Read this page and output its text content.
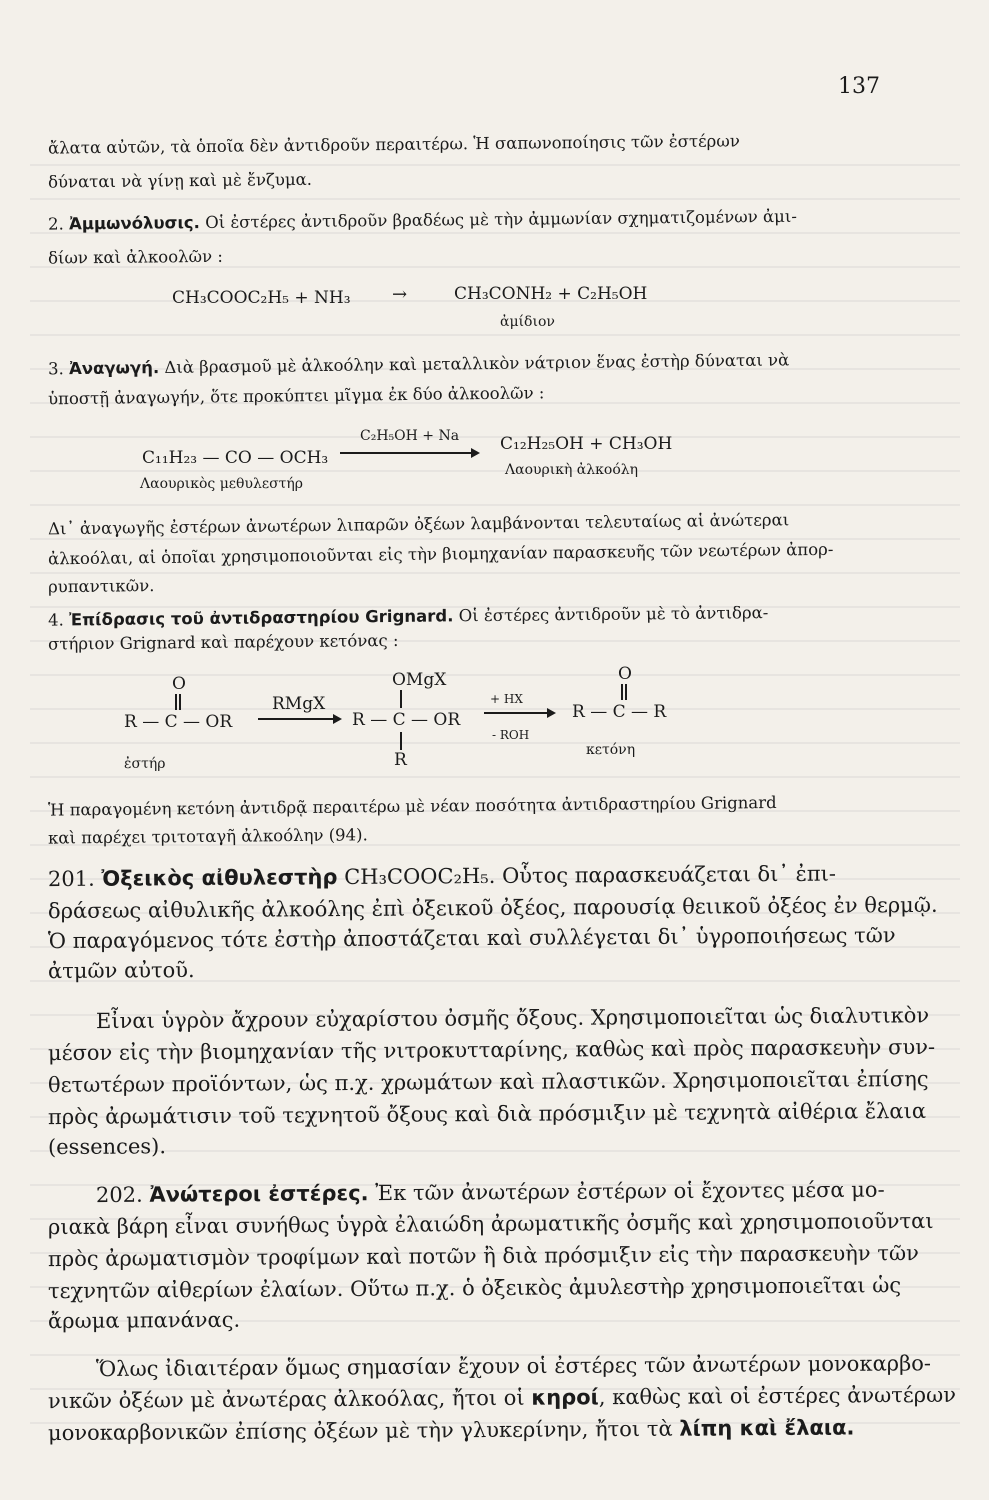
137
ἄλατα αὐτῶν, τὰ ὁποῖα δὲν ἀντιδροῦν περαιτέρω. Ἡ σαπωνοποίησις τῶν ἐστέρων
δύναται νὰ γίνῃ καὶ μὲ ἔνζυμα.
2. Ἀμμωνόλυσις. Οἱ ἐστέρες ἀντιδροῦν βραδέως μὲ τὴν ἀμμωνίαν σχηματιζομένων ἀμι-
δίων καὶ ἀλκοολῶν :
CH₃COOC₂H₅ + NH₃ →	CH₃CONH₂ + C₂H₅OH
ἀμίδιον
3. Ἀναγωγή. Διὰ βρασμοῦ μὲ ἀλκοόλην καὶ μεταλλικὸν νάτριον ἕνας ἐστὴρ δύναται νὰ
ὑποστῇ ἀναγωγήν, ὅτε προκύπτει μῖγμα ἐκ δύο ἀλκοολῶν :
C₂H₅OH + Na
C₁₁H₂₃ — CO — OCH₃
Λαουρικὸς μεθυλεστήρ
C₁₂H₂₅OH + CH₃OH
Λαουρικὴ ἀλκοόλη
Δι᾽ ἀναγωγῆς ἐστέρων ἀνωτέρων λιπαρῶν ὀξέων λαμβάνονται τελευταίως αἱ ἀνώτεραι
ἀλκοόλαι, αἱ ὁποῖαι χρησιμοποιοῦνται εἰς τὴν βιομηχανίαν παρασκευῆς τῶν νεωτέρων ἀπορ-
ρυπαντικῶν.
4. Ἐπίδρασις τοῦ ἀντιδραστηρίου Grignard. Οἱ ἐστέρες ἀντιδροῦν μὲ τὸ ἀντιδρα-
στήριον Grignard καὶ παρέχουν κετόνας :
O
R — C — OR
ἐστήρ
RMgX
OMgX
R — C — OR
R
+ HX
- ROH
O
R — C — R
κετόνη
Ἡ παραγομένη κετόνη ἀντιδρᾷ περαιτέρω μὲ νέαν ποσότητα ἀντιδραστηρίου Grignard
καὶ παρέχει τριτοταγῆ ἀλκοόλην (94).
201. Ὀξεικὸς αἰθυλεστὴρ CH₃COOC₂H₅. Οὗτος παρασκευάζεται δι᾽ ἐπι-
δράσεως αἰθυλικῆς ἀλκοόλης ἐπὶ ὀξεικοῦ ὀξέος, παρουσίᾳ θειικοῦ ὀξέος ἐν θερμῷ.
Ὁ παραγόμενος τότε ἐστὴρ ἀποστάζεται καὶ συλλέγεται δι᾽ ὑγροποιήσεως τῶν
ἀτμῶν αὐτοῦ.
Εἶναι ὑγρὸν ἄχρουν εὐχαρίστου ὀσμῆς ὄξους. Χρησιμοποιεῖται ὡς διαλυτικὸν
μέσον εἰς τὴν βιομηχανίαν τῆς νιτροκυτταρίνης, καθὼς καὶ πρὸς παρασκευὴν συν-
θετωτέρων προϊόντων, ὡς π.χ. χρωμάτων καὶ πλαστικῶν. Χρησιμοποιεῖται ἐπίσης
πρὸς ἀρωμάτισιν τοῦ τεχνητοῦ ὄξους καὶ διὰ πρόσμιξιν μὲ τεχνητὰ αἰθέρια ἔλαια
(essences).
202. Ἀνώτεροι ἐστέρες. Ἐκ τῶν ἀνωτέρων ἐστέρων οἱ ἔχοντες μέσα μο-
ριακὰ βάρη εἶναι συνήθως ὑγρὰ ἐλαιώδη ἀρωματικῆς ὀσμῆς καὶ χρησιμοποιοῦνται
πρὸς ἀρωματισμὸν τροφίμων καὶ ποτῶν ἢ διὰ πρόσμιξιν εἰς τὴν παρασκευὴν τῶν
τεχνητῶν αἰθερίων ἐλαίων. Οὕτω π.χ. ὁ ὀξεικὸς ἀμυλεστὴρ χρησιμοποιεῖται ὡς
ἄρωμα μπανάνας.
Ὅλως ἰδιαιτέραν ὅμως σημασίαν ἔχουν οἱ ἐστέρες τῶν ἀνωτέρων μονοκαρβο-
νικῶν ὀξέων μὲ ἀνωτέρας ἀλκοόλας, ἤτοι οἱ κηροί, καθὼς καὶ οἱ ἐστέρες ἀνωτέρων
μονοκαρβονικῶν ἐπίσης ὀξέων μὲ τὴν γλυκερίνην, ἤτοι τὰ λίπη καὶ ἔλαια.
